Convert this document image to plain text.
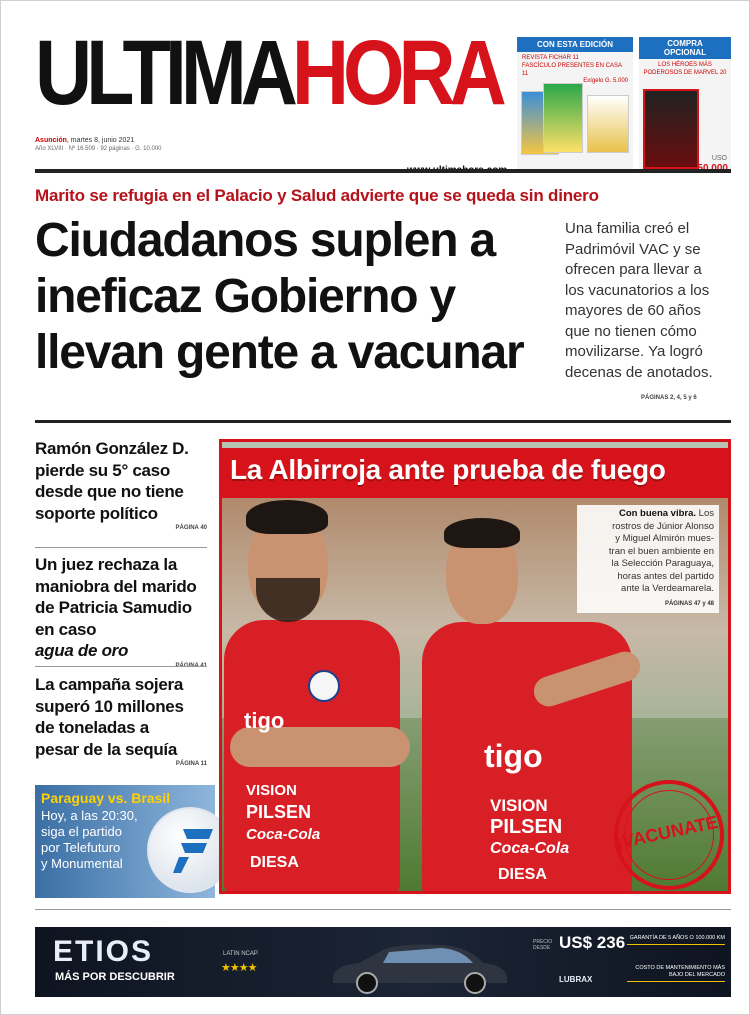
ULTIMAHORA
Asunción, martes 8, junio 2021
Año XLVIII · Nº 16.509 · 92 páginas · G. 10.000
CON ESTA EDICIÓN
REVISTA FICHAR 11
FASCÍCULO PRESENTES EN CASA 11
Exígelo G. 5.000
COMPRA
OPCIONAL
LOS HÉROES MÁS
PODEROSOS DE MARVEL 20
USO
Marito se refugia en el Palacio y Salud advierte que se queda sin dinero
Ciudadanos suplen a
ineficaz Gobierno y
llevan gente a vacunar
Una familia creó el
Padrimóvil VAC y se
ofrecen para llevar a
los vacunatorios a los
mayores de 60 años
que no tienen cómo
movilizarse. Ya logró
decenas de anotados.
PÁGINAS 2, 4, 5 y 6
Ramón González D.
pierde su 5° caso
desde que no tiene
soporte político
PÁGINA 40
Un juez rechaza la
maniobra del marido
de Patricia Samudio
en caso
agua de oro
La campaña sojera
superó 10 millones
de toneladas a
pesar de la sequía
PÁGINA 11
Paraguay vs. Brasil
Hoy, a las 20:30,
siga el partido
por Telefuturo
y Monumental
La Albirroja ante prueba de fuego
tigo
VISION
PILSEN
Coca-Cola
DIESA
tigo
VISION
PILSEN
Coca-Cola
DIESA
Con buena vibra. Los
rostros de Júnior Alonso
y Miguel Almirón mues-
tran el buen ambiente en
la Selección Paraguaya,
horas antes del partido
ante la Verdeamarela.
PÁGINAS 47 y 48
¡VACUNATE!
ETIOS
MÁS POR DESCUBRIR
LATIN NCAP
★★★★
PRECIO DESDE US$ 236
LUBRAX
GARANTÍA DE 5 AÑOS O 100.000 KM
COSTO DE MANTENIMIENTO MÁS BAJO DEL MERCADO
